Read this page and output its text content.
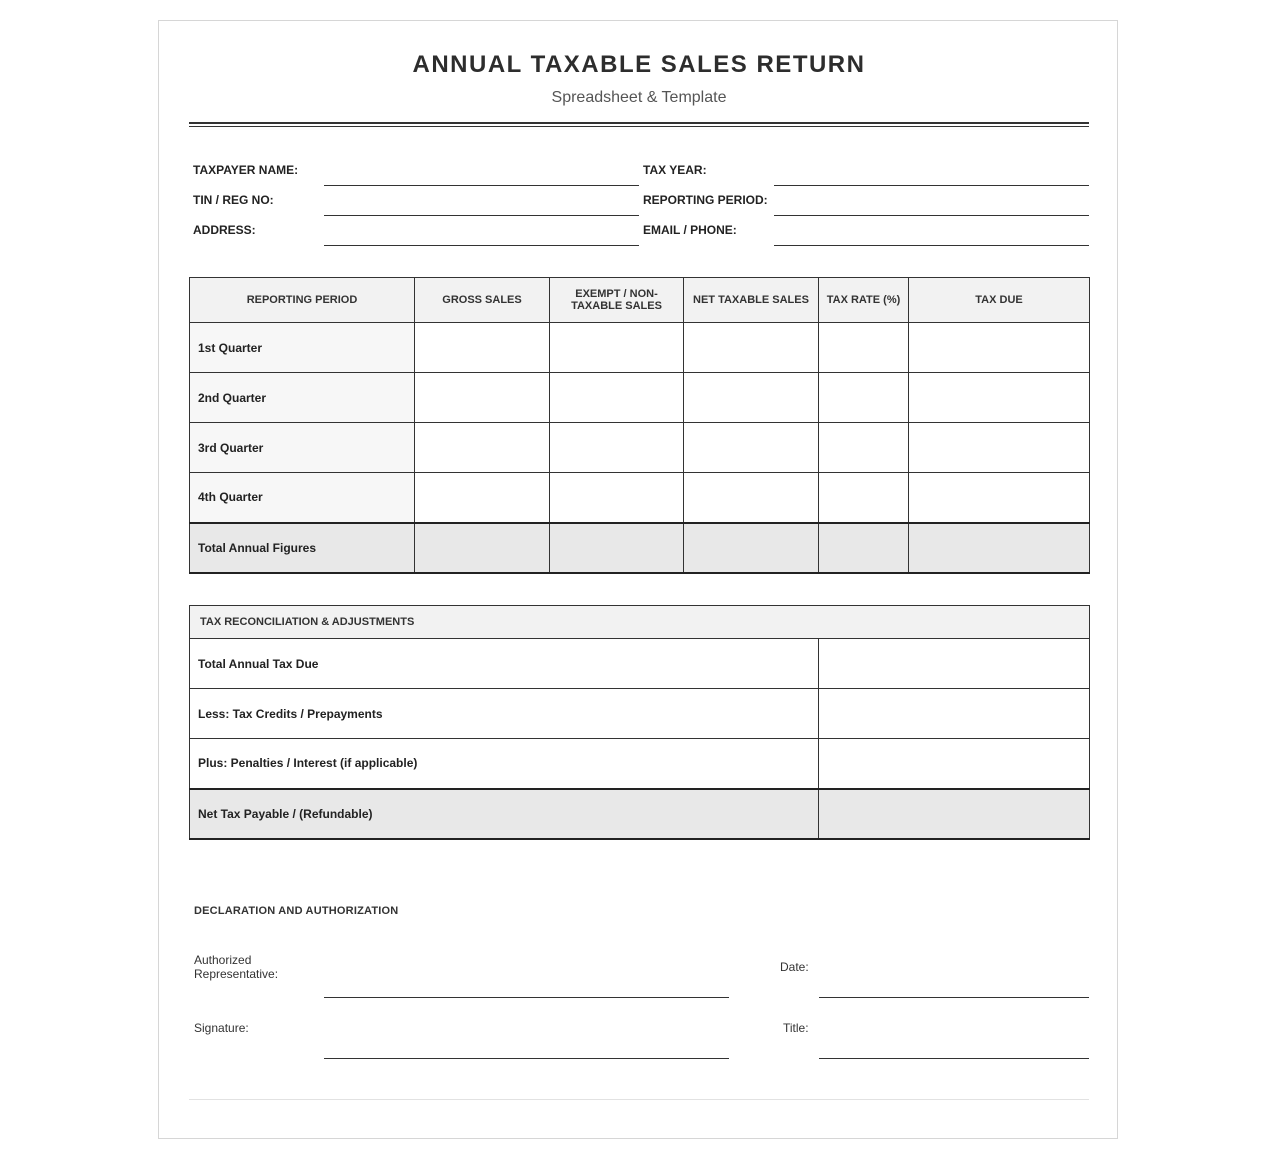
ANNUAL TAXABLE SALES RETURN
Spreadsheet & Template
TAXPAYER NAME:	TAX YEAR:
TIN / REG NO:	REPORTING PERIOD:
ADDRESS:	EMAIL / PHONE:
REPORTING PERIOD	GROSS SALES	EXEMPT / NON-TAXABLE SALES	NET TAXABLE SALES	TAX RATE (%)	TAX DUE
1st Quarter					
2nd Quarter					
3rd Quarter					
4th Quarter					
Total Annual Figures					
TAX RECONCILIATION & ADJUSTMENTS	
Total Annual Tax Due	
Less: Tax Credits / Prepayments	
Plus: Penalties / Interest (if applicable)	
Net Tax Payable / (Refundable)	
DECLARATION AND AUTHORIZATION
Authorized Representative:	Date:
Signature:	Title:
